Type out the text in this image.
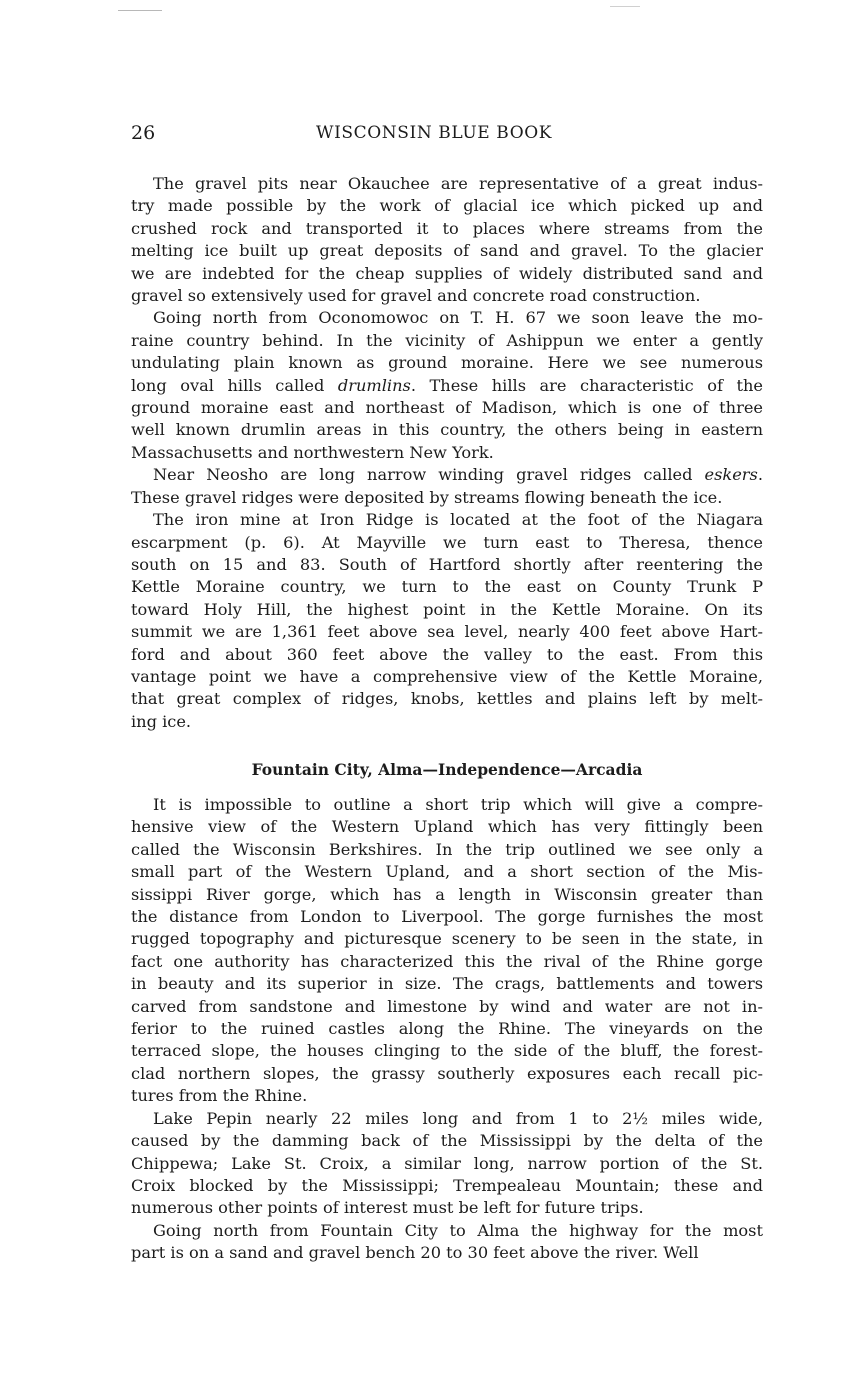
26	WISCONSIN BLUE BOOK

The gravel pits near Okauchee are representative of a great indus-
try made possible by the work of glacial ice which picked up and
crushed rock and transported it to places where streams from the
melting ice built up great deposits of sand and gravel. To the glacier
we are indebted for the cheap supplies of widely distributed sand and
gravel so extensively used for gravel and concrete road construction.

Going north from Oconomowoc on T. H. 67 we soon leave the mo-
raine country behind. In the vicinity of Ashippun we enter a gently
undulating plain known as ground moraine. Here we see numerous
long oval hills called drumlins. These hills are characteristic of the
ground moraine east and northeast of Madison, which is one of three
well known drumlin areas in this country, the others being in eastern
Massachusetts and northwestern New York.

Near Neosho are long narrow winding gravel ridges called eskers.
These gravel ridges were deposited by streams flowing beneath the ice.

The iron mine at Iron Ridge is located at the foot of the Niagara
escarpment (p. 6). At Mayville we turn east to Theresa, thence
south on 15 and 83. South of Hartford shortly after reentering the
Kettle Moraine country, we turn to the east on County Trunk P
toward Holy Hill, the highest point in the Kettle Moraine. On its
summit we are 1,361 feet above sea level, nearly 400 feet above Hart-
ford and about 360 feet above the valley to the east. From this
vantage point we have a comprehensive view of the Kettle Moraine,
that great complex of ridges, knobs, kettles and plains left by melt-
ing ice.

Fountain City, Alma—Independence—Arcadia

It is impossible to outline a short trip which will give a compre-
hensive view of the Western Upland which has very fittingly been
called the Wisconsin Berkshires. In the trip outlined we see only a
small part of the Western Upland, and a short section of the Mis-
sissippi River gorge, which has a length in Wisconsin greater than
the distance from London to Liverpool. The gorge furnishes the most
rugged topography and picturesque scenery to be seen in the state, in
fact one authority has characterized this the rival of the Rhine gorge
in beauty and its superior in size. The crags, battlements and towers
carved from sandstone and limestone by wind and water are not in-
ferior to the ruined castles along the Rhine. The vineyards on the
terraced slope, the houses clinging to the side of the bluff, the forest-
clad northern slopes, the grassy southerly exposures each recall pic-
tures from the Rhine.

Lake Pepin nearly 22 miles long and from 1 to 2½ miles wide,
caused by the damming back of the Mississippi by the delta of the
Chippewa; Lake St. Croix, a similar long, narrow portion of the St.
Croix blocked by the Mississippi; Trempealeau Mountain; these and
numerous other points of interest must be left for future trips.

Going north from Fountain City to Alma the highway for the most
part is on a sand and gravel bench 20 to 30 feet above the river. Well
